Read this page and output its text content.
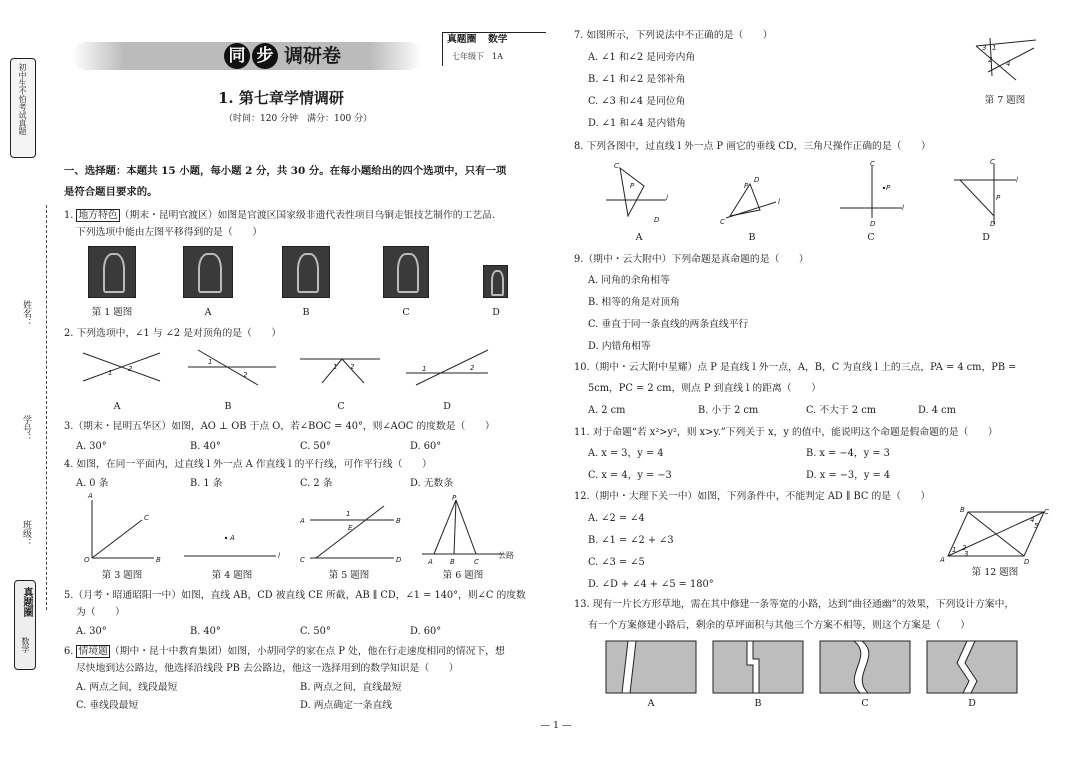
初中生不怕考试真题
姓名：
学号：
班级：
真题圈
数学
同 步 调研卷
真题圈 数学
七年级下 1A
1. 第七章学情调研
（时间：120 分钟　满分：100 分）
一、选择题：本题共 15 小题，每小题 2 分，共 30 分。在每小题给出的四个选项中，只有一项
是符合题目要求的。
1. 地方特色 （期末・昆明官渡区）如图是官渡区国家级非遗代表性项目乌铜走银技艺制作的工艺品.
下列选项中能由左图平移得到的是（　　）
第 1 题图	A	B	C	D
2. 下列选项中，∠1 与 ∠2 是对顶角的是（　　）
1 2
1
2
1 2	1	2
A	B	C	D
3.（期末・昆明五华区）如图，AO ⊥ OB 于点 O，若∠BOC = 40°，则∠AOC 的度数是（　　）
A. 30°	B. 40°	C. 50°	D. 60°
4. 如图，在同一平面内，过直线 l 外一点 A 作直线 l 的平行线，可作平行线（　　）
A. 0 条	B. 1 条	C. 2 条	D. 无数条
A
O	B
C
A
l
A	B
C	D
E
1
P
A B	C
公路
第 3 题图	第 4 题图	第 5 题图	第 6 题图
5.（月考・昭通昭阳一中）如图，直线 AB，CD 被直线 CE 所截，AB ∥ CD，∠1 = 140°，则∠C 的度数
为（　　）
A. 30°	B. 40°	C. 50°	D. 60°
6. 情境题 （期中・昆十中教育集团）如图，小胡同学的家在点 P 处，他在行走速度相同的情况下，想
尽快地到达公路边，他选择沿线段 PB 去公路边，他这一选择用到的数学知识是（　　）
A. 两点之间，线段最短	B. 两点之间，直线最短
C. 垂线段最短	D. 两点确定一条直线
7. 如图所示，下列说法中不正确的是（　　）
A. ∠1 和∠2 是同旁内角
B. ∠1 和∠2 是邻补角
C. ∠3 和∠4 是同位角
D. ∠1 和∠4 是内错角
3 1
2 4
第 7 题图
8. 下列各图中，过直线 l 外一点 P 画它的垂线 CD，三角尺操作正确的是（　　）
C
P
D
l
C
P
D
l
C
P
D
l
C
P
D
l
A	B	C	D
9.（期中・云大附中）下列命题是真命题的是（　　）
A. 同角的余角相等
B. 相等的角是对顶角
C. 垂直于同一条直线的两条直线平行
D. 内错角相等
10.（期中・云大附中星耀）点 P 是直线 l 外一点，A，B，C 为直线 l 上的三点，PA = 4 cm，PB =
5cm，PC = 2 cm，则点 P 到直线 l 的距离（　　）
A. 2 cm	B. 小于 2 cm	C. 不大于 2 cm	D. 4 cm
11. 对于命题“若 x²>y²，则 x>y.”下列关于 x，y 的值中，能说明这个命题是假命题的是（　　）
A. x = 3，y = 4	B. x = −4，y = 3
C. x = 4，y = −3	D. x = −3，y = 4
12.（期中・大理下关一中）如图，下列条件中，不能判定 AD ∥ BC 的是（　　）
A. ∠2 = ∠4
B. ∠1 = ∠2 + ∠3
C. ∠3 = ∠5
D. ∠D + ∠4 + ∠5 = 180°
B	C
A	D
4
5
2
3
1
第 12 题图
13. 现有一片长方形草地，需在其中修建一条等宽的小路，达到“曲径通幽”的效果，下列设计方案中，
有一个方案修建小路后，剩余的草坪面积与其他三个方案不相等，则这个方案是（　　）
A	B	C	D
— 1 —
